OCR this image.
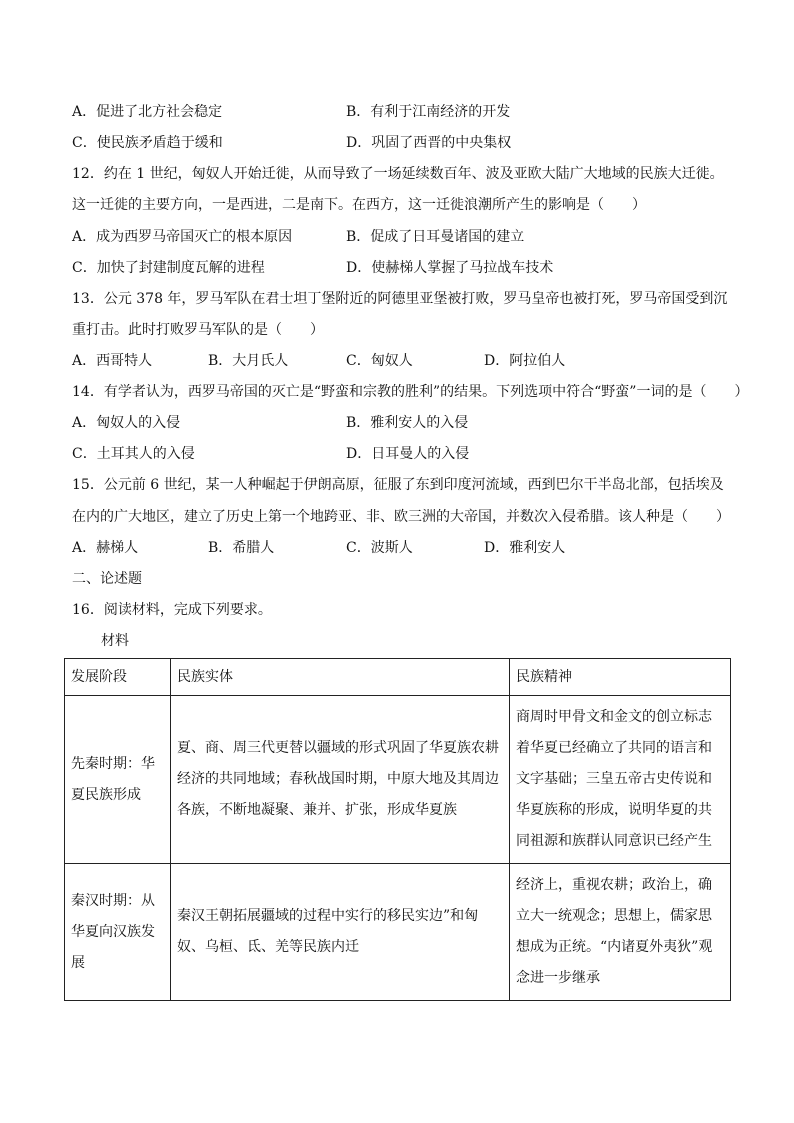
A．促进了北方社会稳定	B．有利于江南经济的开发
C．使民族矛盾趋于缓和	D．巩固了西晋的中央集权
12．约在 1 世纪，匈奴人开始迁徙，从而导致了一场延续数百年、波及亚欧大陆广大地域的民族大迁徙。
这一迁徙的主要方向，一是西进，二是南下。在西方，这一迁徙浪潮所产生的影响是（　　）
A．成为西罗马帝国灭亡的根本原因	B．促成了日耳曼诸国的建立
C．加快了封建制度瓦解的进程	D．使赫梯人掌握了马拉战车技术
13．公元 378 年，罗马军队在君士坦丁堡附近的阿德里亚堡被打败，罗马皇帝也被打死，罗马帝国受到沉
重打击。此时打败罗马军队的是（　　）
A．西哥特人	B．大月氏人	C．匈奴人	D．阿拉伯人
14．有学者认为，西罗马帝国的灭亡是“野蛮和宗教的胜利”的结果。下列选项中符合“野蛮”一词的是（　　）
A．匈奴人的入侵	B．雅利安人的入侵
C．土耳其人的入侵	D．日耳曼人的入侵
15．公元前 6 世纪，某一人种崛起于伊朗高原，征服了东到印度河流域，西到巴尔干半岛北部，包括埃及
在内的广大地区，建立了历史上第一个地跨亚、非、欧三洲的大帝国，并数次入侵希腊。该人种是（　　）
A．赫梯人	B．希腊人	C．波斯人	D．雅利安人
二、论述题
16．阅读材料，完成下列要求。
材料
发展阶段	民族实体	民族精神
先秦时期：华夏民族形成	夏、商、周三代更替以疆域的形式巩固了华夏族农耕经济的共同地域；春秋战国时期，中原大地及其周边各族，不断地凝聚、兼并、扩张，形成华夏族	商周时甲骨文和金文的创立标志着华夏已经确立了共同的语言和文字基础；三皇五帝古史传说和华夏族称的形成，说明华夏的共同祖源和族群认同意识已经产生
秦汉时期：从华夏向汉族发展	秦汉王朝拓展疆域的过程中实行的移民实边”和匈奴、乌桓、氐、羌等民族内迁	经济上，重视农耕；政治上，确立大一统观念；思想上，儒家思想成为正统。“内诸夏外夷狄”观念进一步继承
